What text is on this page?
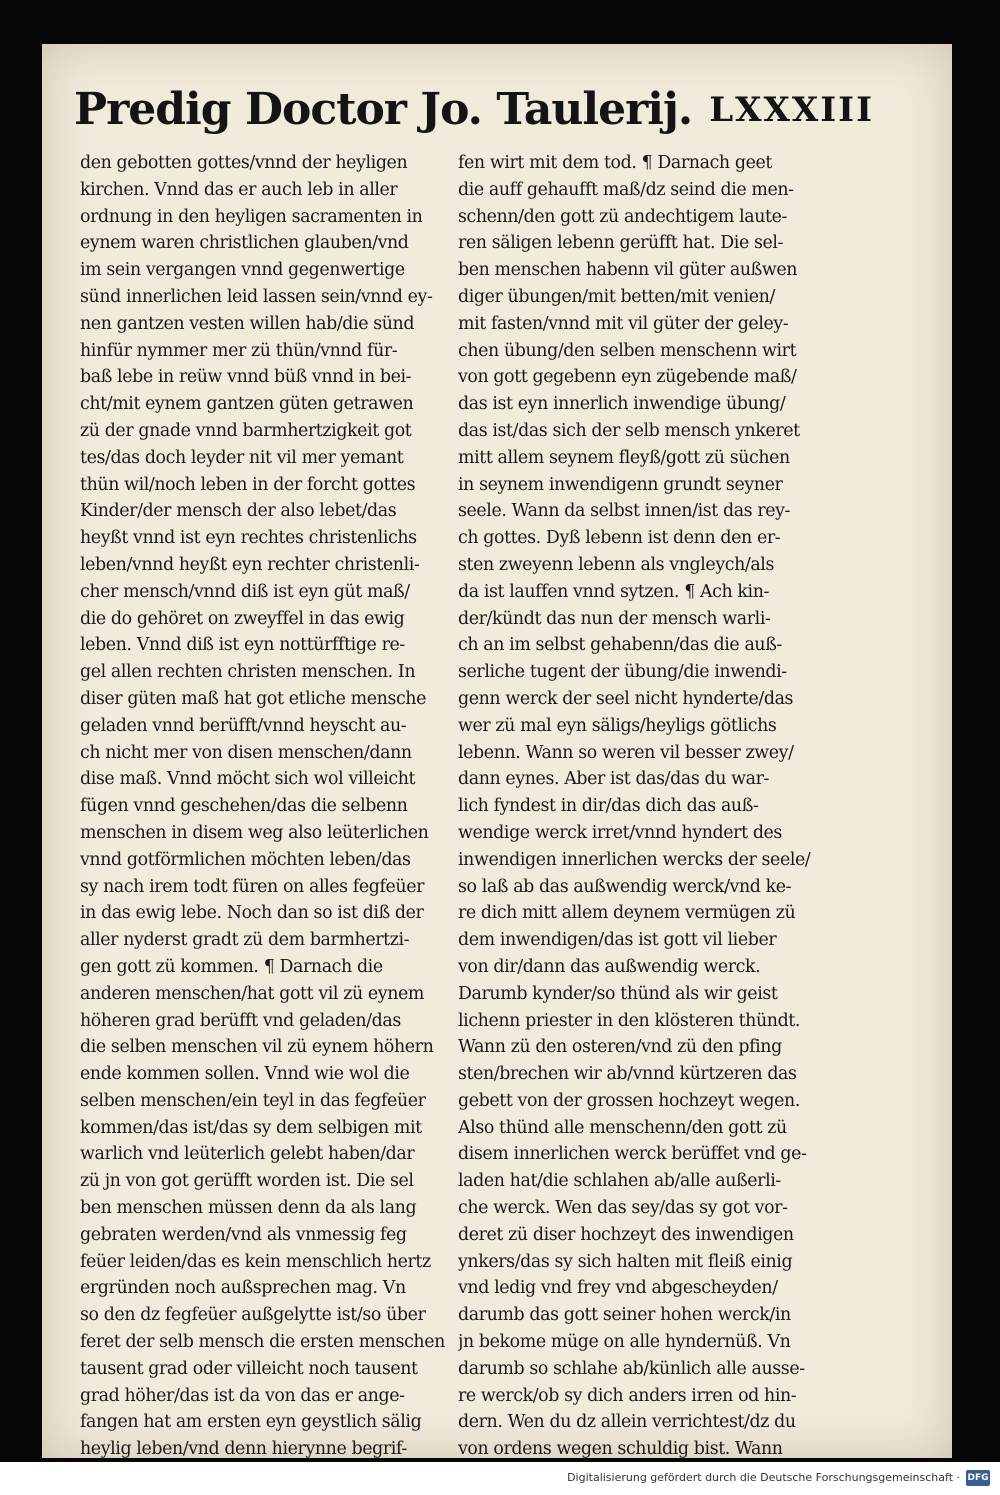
Predig Doctor Jo. Taulerij. LXXXIII
den gebotten gottes/vnnd der heyligen
kirchen. Vnnd das er auch leb in aller
ordnung in den heyligen sacramenten in
eynem waren christlichen glauben/vnd
im sein vergangen vnnd gegenwertige
sünd innerlichen leid lassen sein/vnnd ey-
nen gantzen vesten willen hab/die sünd
hinfür nymmer mer zü thün/vnnd für-
baß lebe in reüw vnnd büß vnnd in bei-
cht/mit eynem gantzen güten getrawen
zü der gnade vnnd barmhertzigkeit got
tes/das doch leyder nit vil mer yemant
thün wil/noch leben in der forcht gottes
Kinder/der mensch der also lebet/das
heyßt vnnd ist eyn rechtes christenlichs
leben/vnnd heyßt eyn rechter christenli-
cher mensch/vnnd diß ist eyn güt maß/
die do gehöret on zweyffel in das ewig
leben. Vnnd diß ist eyn nottürfftige re-
gel allen rechten christen menschen. In
diser güten maß hat got etliche mensche
geladen vnnd berüfft/vnnd heyscht au-
ch nicht mer von disen menschen/dann
dise maß. Vnnd möcht sich wol villeicht
fügen vnnd geschehen/das die selbenn
menschen in disem weg also leüterlichen
vnnd gotförmlichen möchten leben/das
sy nach irem todt füren on alles fegfeüer
in das ewig lebe. Noch dan so ist diß der
aller nyderst gradt zü dem barmhertzi-
gen gott zü kommen. ¶ Darnach die
anderen menschen/hat gott vil zü eynem
höheren grad berüfft vnd geladen/das
die selben menschen vil zü eynem höhern
ende kommen sollen. Vnnd wie wol die
selben menschen/ein teyl in das fegfeüer
kommen/das ist/das sy dem selbigen mit
warlich vnd leüterlich gelebt haben/dar
zü jn von got gerüfft worden ist. Die sel
ben menschen müssen denn da als lang
gebraten werden/vnd als vnmessig feg
feüer leiden/das es kein menschlich hertz
ergründen noch außsprechen mag. Vn
so den dz fegfeüer außgelytte ist/so über
feret der selb mensch die ersten menschen
tausent grad oder villeicht noch tausent
grad höher/das ist da von das er ange-
fangen hat am ersten eyn geystlich sälig
heylig leben/vnd denn hierynne begrif-
fen wirt mit dem tod. ¶ Darnach geet
die auff gehaufft maß/dz seind die men-
schenn/den gott zü andechtigem laute-
ren säligen lebenn gerüfft hat. Die sel-
ben menschen habenn vil güter außwen
diger übungen/mit betten/mit venien/
mit fasten/vnnd mit vil güter der geley-
chen übung/den selben menschenn wirt
von gott gegebenn eyn zügebende maß/
das ist eyn innerlich inwendige übung/
das ist/das sich der selb mensch ynkeret
mitt allem seynem fleyß/gott zü süchen
in seynem inwendigenn grundt seyner
seele. Wann da selbst innen/ist das rey-
ch gottes. Dyß lebenn ist denn den er-
sten zweyenn lebenn als vngleych/als
da ist lauffen vnnd sytzen. ¶ Ach kin-
der/kündt das nun der mensch warli-
ch an im selbst gehabenn/das die auß-
serliche tugent der übung/die inwendi-
genn werck der seel nicht hynderte/das
wer zü mal eyn säligs/heyligs götlichs
lebenn. Wann so weren vil besser zwey/
dann eynes. Aber ist das/das du war-
lich fyndest in dir/das dich das auß-
wendige werck irret/vnnd hyndert des
inwendigen innerlichen wercks der seele/
so laß ab das außwendig werck/vnd ke-
re dich mitt allem deynem vermügen zü
dem inwendigen/das ist gott vil lieber
von dir/dann das außwendig werck.
Darumb kynder/so thünd als wir geist
lichenn priester in den klösteren thündt.
Wann zü den osteren/vnd zü den pfing
sten/brechen wir ab/vnnd kürtzeren das
gebett von der grossen hochzeyt wegen.
Also thünd alle menschenn/den gott zü
disem innerlichen werck berüffet vnd ge-
laden hat/die schlahen ab/alle außerli-
che werck. Wen das sey/das sy got vor-
deret zü diser hochzeyt des inwendigen
ynkers/das sy sich halten mit fleiß einig
vnd ledig vnd frey vnd abgescheyden/
darumb das gott seiner hohen werck/in
jn bekome müge on alle hyndernüß. Vn
darumb so schlahe ab/künlich alle ausse-
re werck/ob sy dich anders irren od hin-
dern. Wen du dz allein verrichtest/dz du
von ordens wegen schuldig bist. Wann
Digitalisierung gefördert durch die Deutsche Forschungsgemeinschaft · DFG
